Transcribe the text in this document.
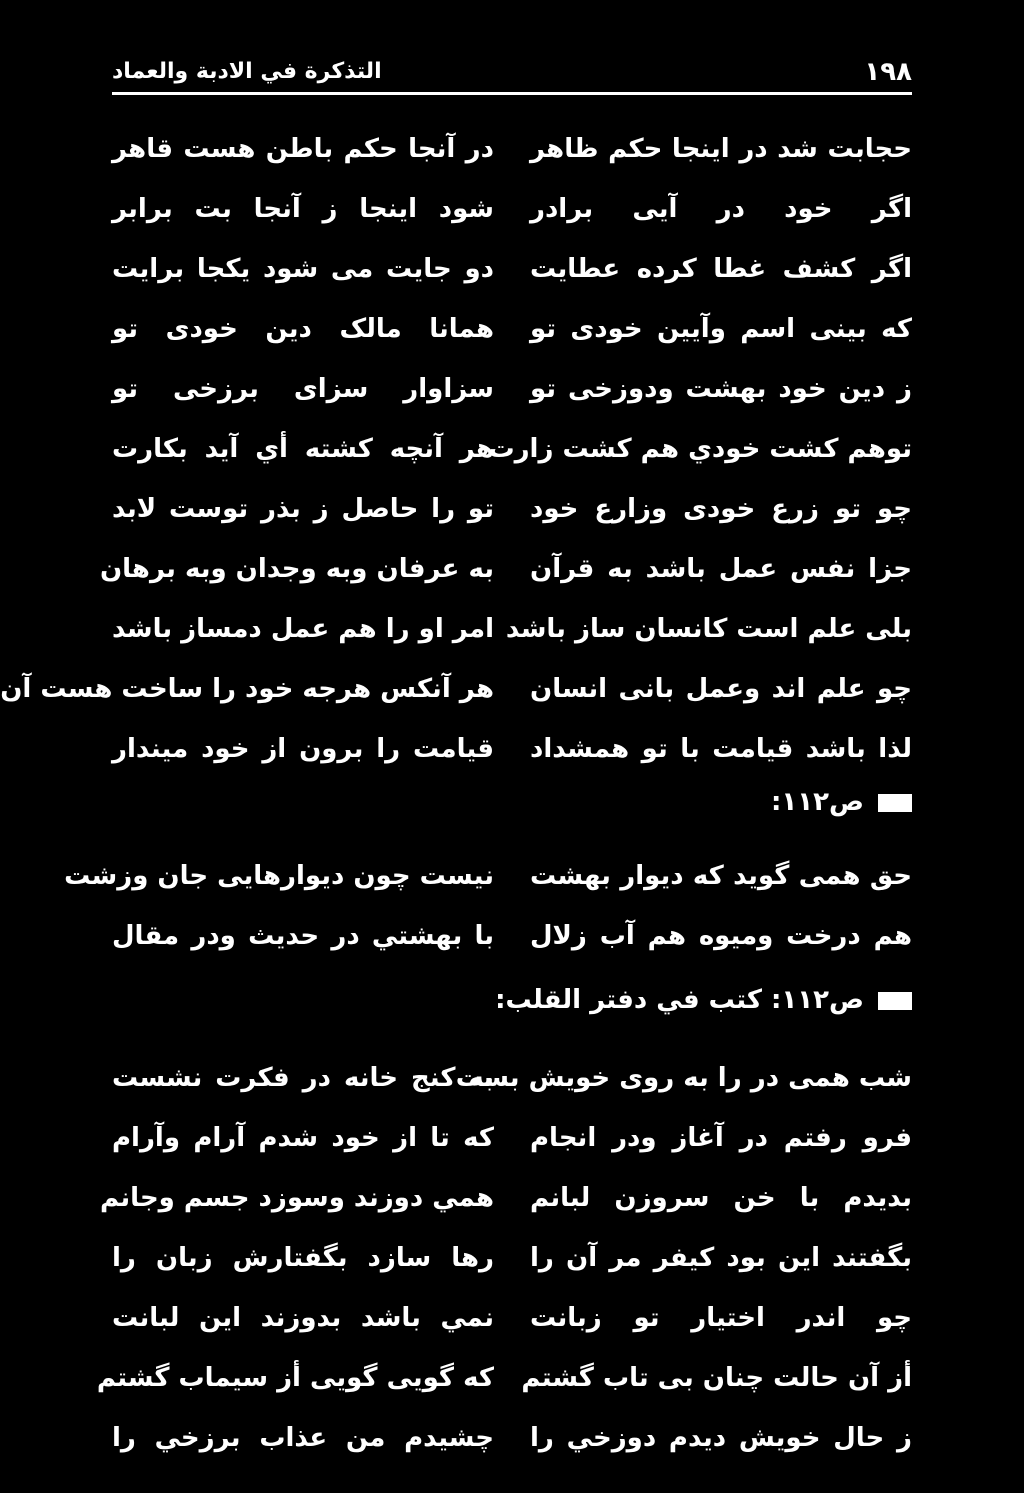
١٩٨
التذكرة في الادبة والعماد
حجابت شد در اینجا حکم ظاهر
در آنجا حکم باطن هست قاهر
اگر خود در آیی برادر
شود اینجا ز آنجا بت برابر
اگر کشف غطا کرده عطایت
دو جایت می شود یکجا برایت
که بینی اسم وآیین خودی تو
همانا مالک دین خودی تو
ز دین خود بهشت ودوزخی تو
سزاوار سزای برزخی تو
توهم کشت خودي هم کشت زارت
هر آنچه کشته أي آید بکارت
چو تو زرع خودی وزارع خود
تو را حاصل ز بذر توست لابد
جزا نفس عمل باشد به قرآن
به عرفان وبه وجدان وبه برهان
بلی علم است کانسان ساز باشد
امر او را هم عمل دمساز باشد
چو علم اند وعمل بانی انسان
هر آنکس هرجه خود را ساخت هست آن
لذا باشد قیامت با تو همشداد
قیامت را برون از خود میندار
ص١١٢:
حق همی گوید که دیوار بهشت
نیست چون دیوارهایی جان وزشت
هم درخت ومیوه هم آب زلال
با بهشتي در حدیث ودر مقال
ص١١٢: كتب في دفتر القلب:
شب همی در را به روی خویش بست
به کنج خانه در فکرت نشست
فرو رفتم در آغاز ودر انجام
که تا از خود شدم آرام وآرام
بدیدم با خن سروزن لبانم
همي دوزند وسوزد جسم وجانم
بگفتند این بود کیفر مر آن را
رها سازد بگفتارش زبان را
چو اندر اختیار تو زبانت
نمي باشد بدوزند این لبانت
أز آن حالت چنان بی تاب گشتم
که گویی گویی أز سیماب گشتم
ز حال خویش دیدم دوزخي را
چشیدم من عذاب برزخي را
